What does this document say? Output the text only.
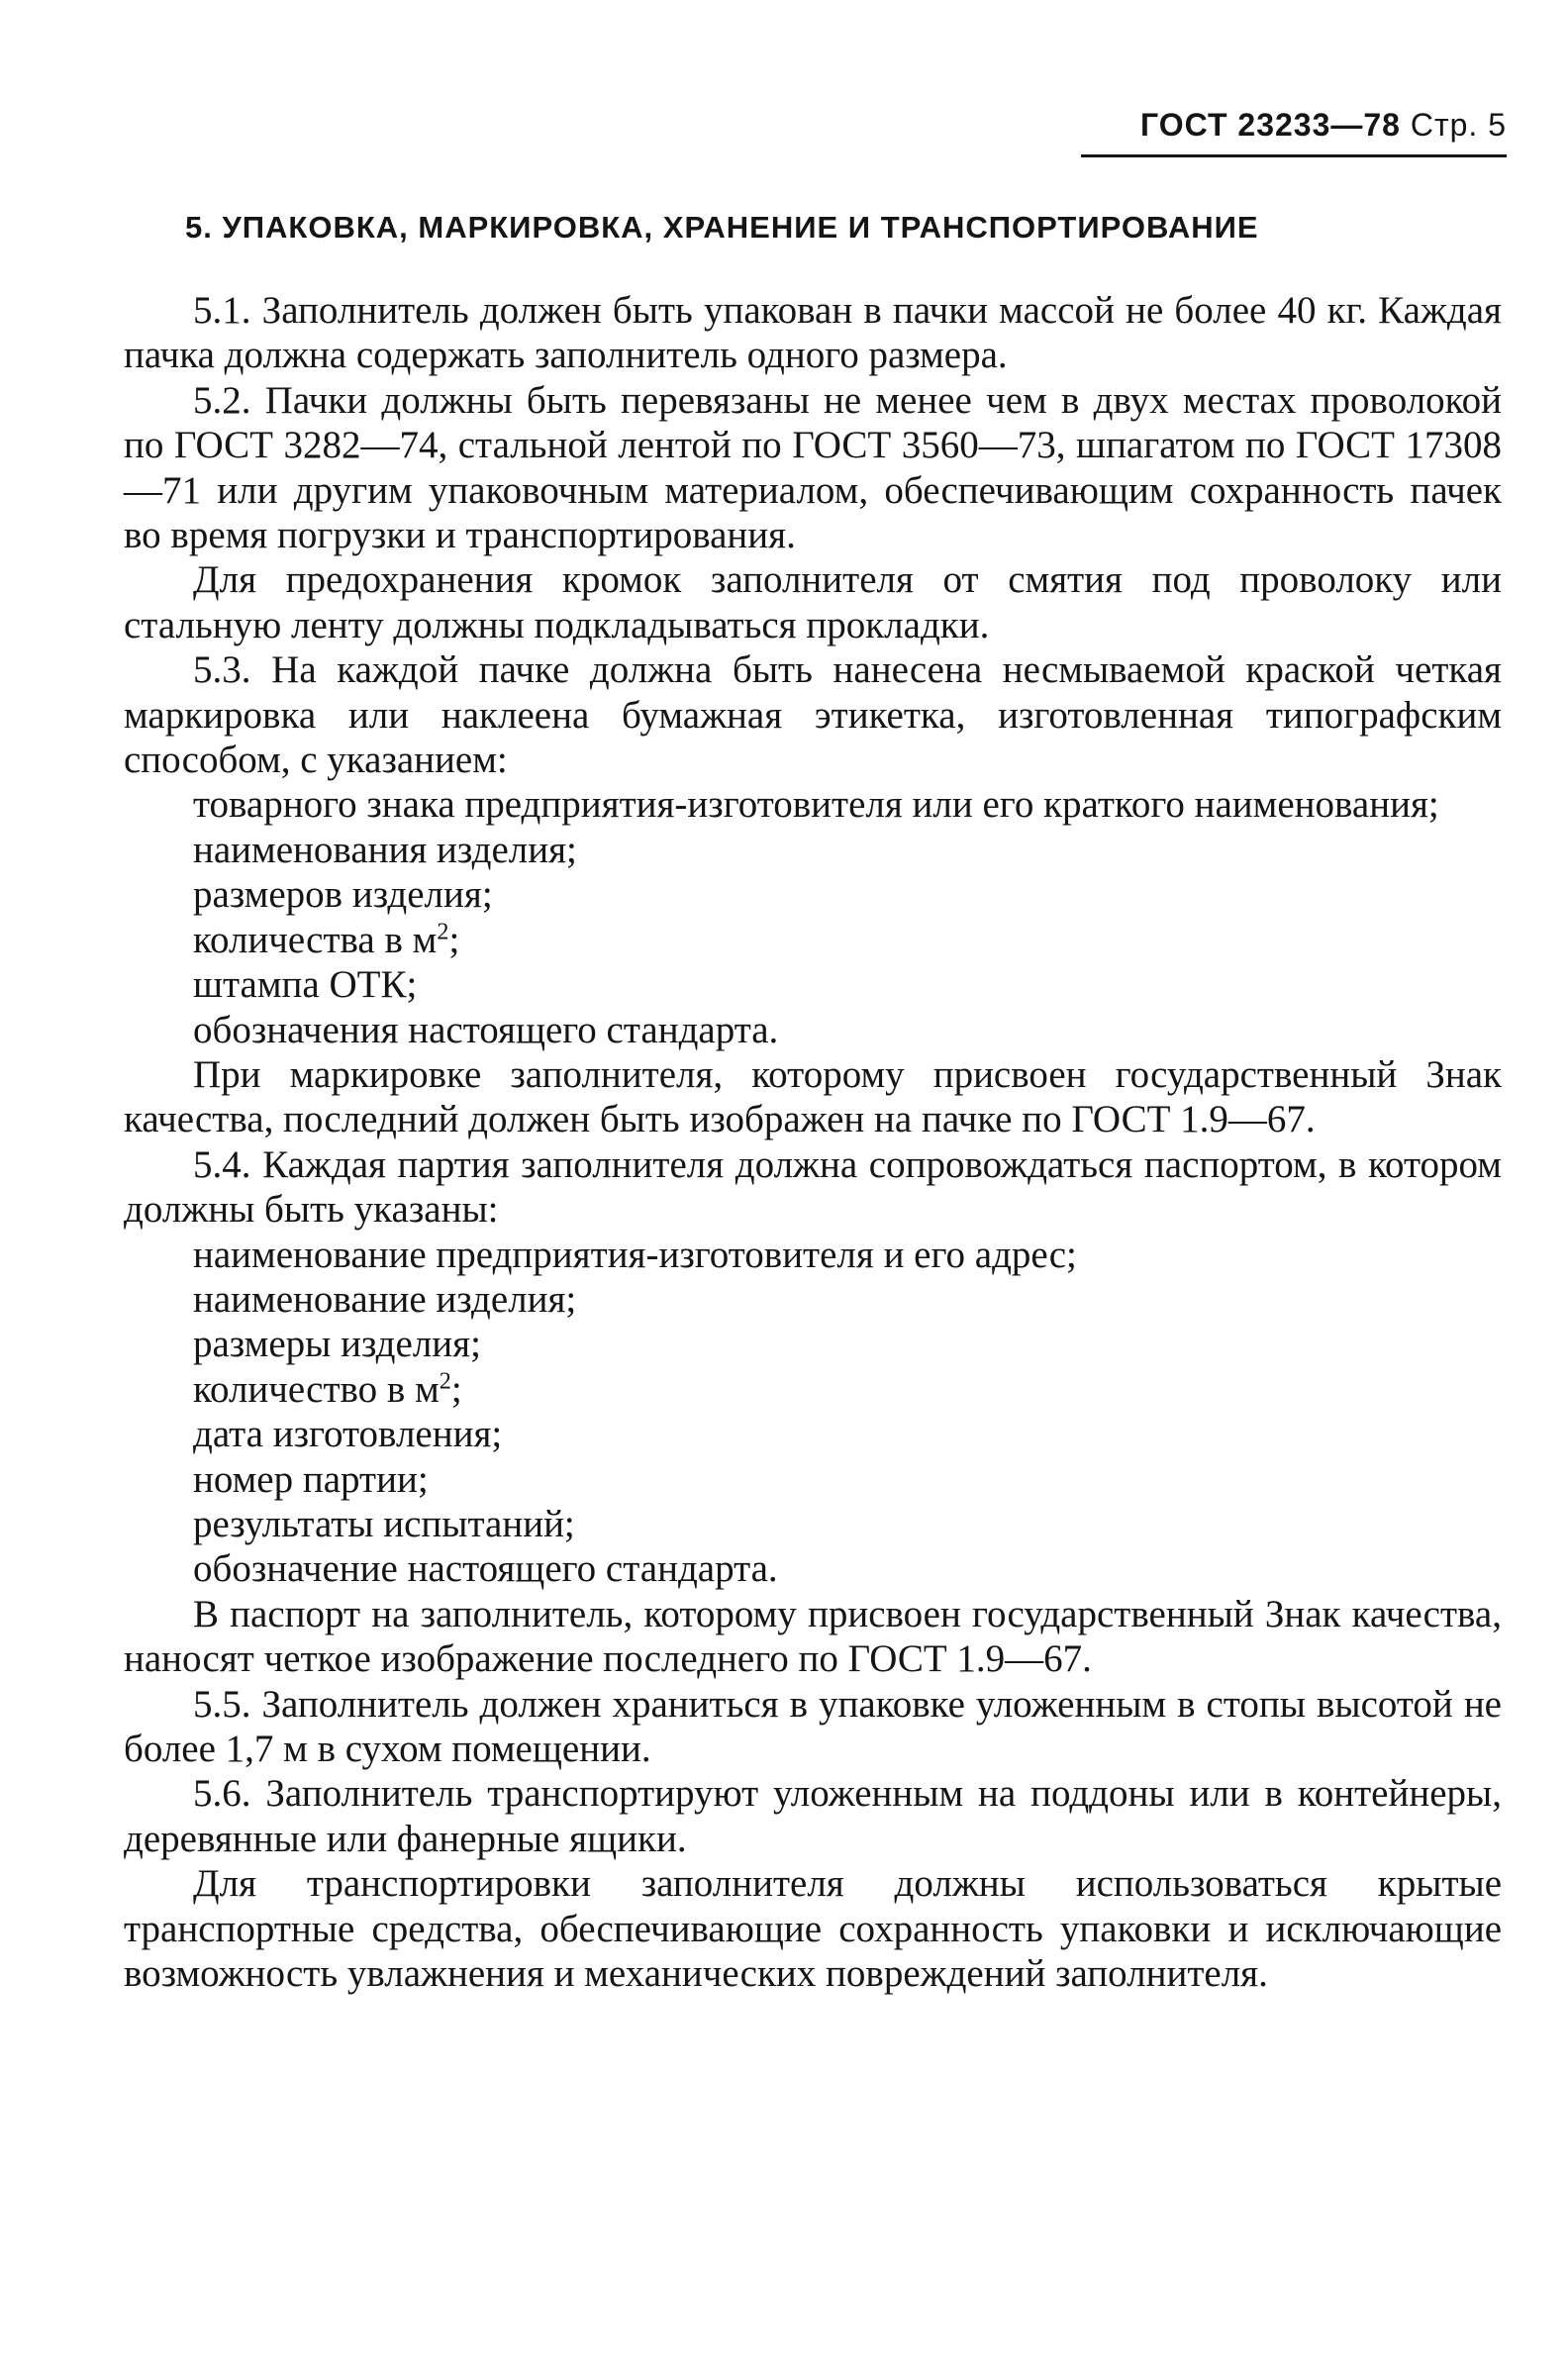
ГОСТ 23233—78 Стр. 5
5. УПАКОВКА, МАРКИРОВКА, ХРАНЕНИЕ И ТРАНСПОРТИРОВАНИЕ

5.1. Заполнитель должен быть упакован в пачки массой не более 40 кг. Каждая пачка должна содержать заполнитель одного размера.

5.2. Пачки должны быть перевязаны не менее чем в двух местах проволокой по ГОСТ 3282—74, стальной лентой по ГОСТ 3560—73, шпагатом по ГОСТ 17308—71 или другим упаковочным материалом, обеспечивающим сохранность пачек во время погрузки и транспортирования.

Для предохранения кромок заполнителя от смятия под проволоку или стальную ленту должны подкладываться прокладки.

5.3. На каждой пачке должна быть нанесена несмываемой краской четкая маркировка или наклеена бумажная этикетка, изготовленная типографским способом, с указанием:

товарного знака предприятия-изготовителя или его краткого наименования;

наименования изделия;

размеров изделия;

количества в $м^2$;

штампа ОТК;

обозначения настоящего стандарта.

При маркировке заполнителя, которому присвоен государственный Знак качества, последний должен быть изображен на пачке по ГОСТ 1.9—67.

5.4. Каждая партия заполнителя должна сопровождаться паспортом, в котором должны быть указаны:

наименование предприятия-изготовителя и его адрес;

наименование изделия;

размеры изделия;

количество в $м^2$;

дата изготовления;

номер партии;

результаты испытаний;

обозначение настоящего стандарта.

В паспорт на заполнитель, которому присвоен государственный Знак качества, наносят четкое изображение последнего по ГОСТ 1.9—67.

5.5. Заполнитель должен храниться в упаковке уложенным в стопы высотой не более 1,7 м в сухом помещении.

5.6. Заполнитель транспортируют уложенным на поддоны или в контейнеры, деревянные или фанерные ящики.

Для транспортировки заполнителя должны использоваться крытые транспортные средства, обеспечивающие сохранность упаковки и исключающие возможность увлажнения и механических повреждений заполнителя.
